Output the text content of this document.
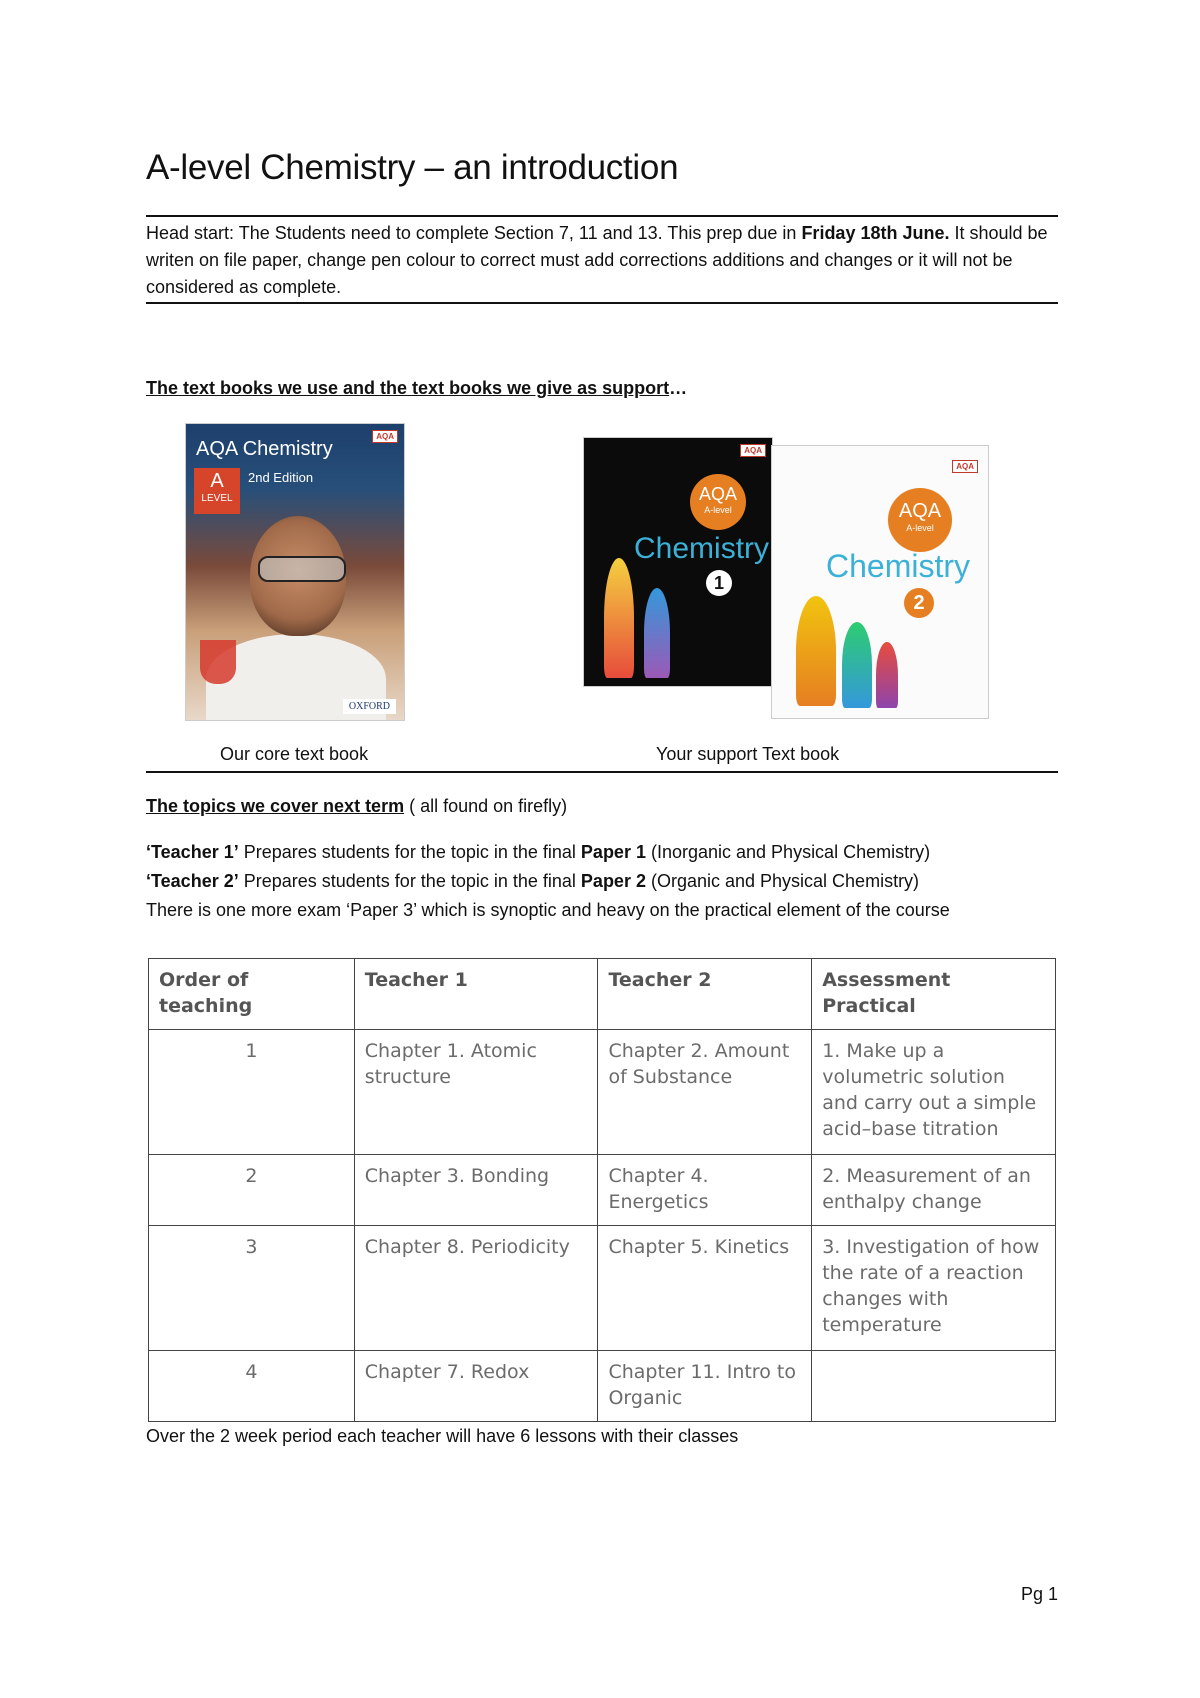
A-level Chemistry – an introduction
Head start: The Students need to complete Section 7, 11 and 13. This prep due in Friday 18th June. It should be writen on file paper, change pen colour to correct must add corrections additions and changes or it will not be considered as complete.
The text books we use and the text books we give as support…
AQA Chemistry
2nd Edition
A
LEVEL
AQA
OXFORD
AQA
AQA
A-level
Chemistry
1
AQA
AQA
A-level
Chemistry
2
Our core text book	Your support Text book
The topics we cover next term ( all found on firefly)

‘Teacher 1’ Prepares students for the topic in the final Paper 1 (Inorganic and Physical Chemistry)

‘Teacher 2’ Prepares students for the topic in the final Paper 2 (Organic and Physical Chemistry)

There is one more exam ‘Paper 3’ which is synoptic and heavy on the practical element of the course

Order of teaching	Teacher 1	Teacher 2	Assessment Practical
1	Chapter 1. Atomic structure	Chapter 2. Amount of Substance	1. Make up a volumetric solution and carry out a simple acid–base titration
2	Chapter 3. Bonding	Chapter 4. Energetics	2. Measurement of an enthalpy change
3	Chapter 8. Periodicity	Chapter 5. Kinetics	3. Investigation of how the rate of a reaction changes with temperature
4	Chapter 7. Redox	Chapter 11. Intro to Organic	
Over the 2 week period each teacher will have 6 lessons with their classes
Pg 1
